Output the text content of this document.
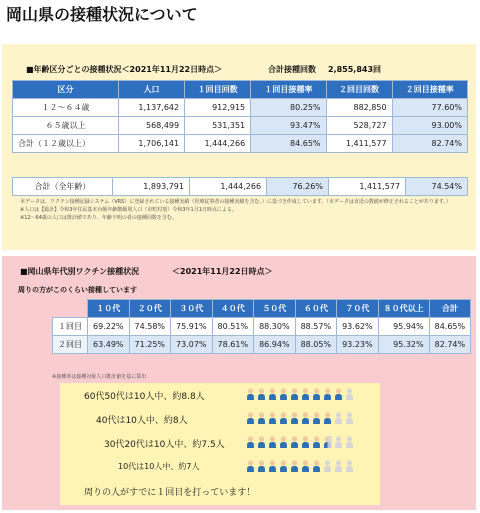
岡山県の接種状況について
■年齢区分ごとの接種状況＜2021年11月22日時点＞	合計接種回数 2,855,843回
区分	人口	１回目回数	１回目接種率	２回目回数	２回目接種率
１２～６４歳	1,137,642	912,915	80.25%	882,850	77.60%
６５歳以上	568,499	531,351	93.47%	528,727	93.00%
合計（１２歳以上）	1,706,141	1,444,266	84.65%	1,411,577	82.74%
合計（全年齢）	1,893,791	1,444,266	76.26%	1,411,577	74.54%
本データは、ワクチン接種記録システム（VRS）に登録されている接種実績（医療従事者の接種実績を含む。）に基づき作成しています。（本データは直近の数値が修正されることがあります。）
※人口は【総計】令和3年住民基本台帳年齢階級別人口（市町村別）令和3年1月1日時点による。
※12～64歳の人口は推計値であり、年齢不明の者の接種回数を含む。
■岡山県年代別ワクチン接種状況	＜2021年11月22日時点＞
周りの方がこのくらい接種しています
	１０代	２０代	３０代	４０代	５０代	６０代	７０代	８０代以上	合計
１回目	69.22%	74.58%	75.91%	80.51%	88.30%	88.57%	93.62%	95.94%	84.65%
２回目	63.49%	71.25%	73.07%	78.61%	86.94%	88.05%	93.23%	95.32%	82.74%
※接種率は接種対象人口推計値を基に算出
60代50代は10人中、約8.8人
40代は10人中、約8人
30代20代は10人中、約7.5人
10代は10人中、約7人
周りの人がすでに１回目を打っています！
